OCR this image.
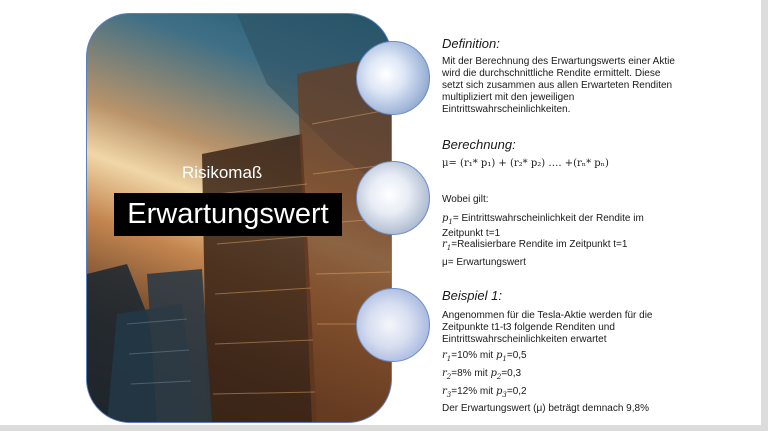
Risikomaß
Erwartungswert
Definition:
Mit der Berechnung des Erwartungswerts einer Aktie wird die durchschnittliche Rendite ermittelt. Diese setzt sich zusammen aus allen Erwarteten Renditen multipliziert mit den jeweiligen Eintrittswahrscheinlichkeiten.
Berechnung:
μ= (r₁* p₁) + (r₂* p₂) …. +(rₙ* pₙ)
Wobei gilt:
$p_1=$ Eintrittswahrscheinlichkeit der Rendite im Zeitpunkt t=1
$r_1=Realisierbare$ Rendite im Zeitpunkt t=1
μ= Erwartungswert
Beispiel 1:
Angenommen für die Tesla-Aktie werden für die Zeitpunkte t1-t3 folgende Renditen und Eintrittswahrscheinlichkeiten erwartet
$r_1=10\%$ mit $p_1=0,5$
$r_2=8\%$ mit $p_2=0,3$
$r_3=12\%$ mit $p_3=0,2$
Der Erwartungswert (μ) beträgt demnach 9,8%
